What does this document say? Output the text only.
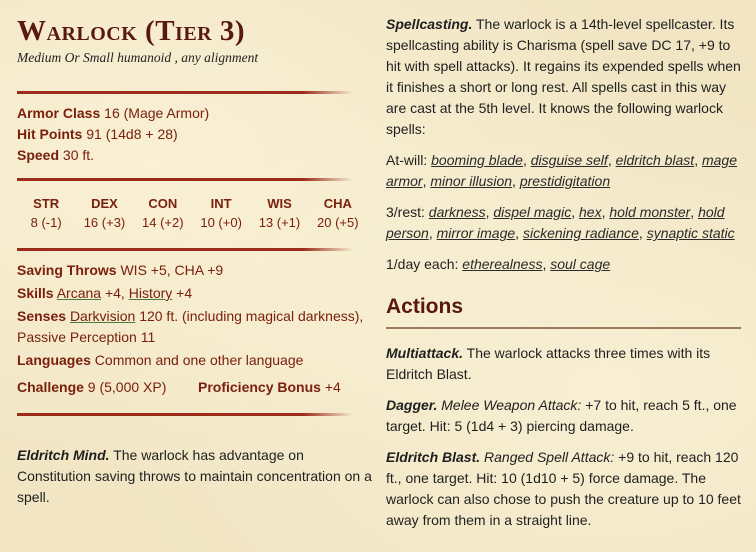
Warlock (Tier 3)
Medium Or Small humanoid , any alignment
Armor Class 16 (Mage Armor)
Hit Points 91 (14d8 + 28)
Speed 30 ft.
STR
8 (-1)
DEX
16 (+3)
CON
14 (+2)
INT
10 (+0)
WIS
13 (+1)
CHA
20 (+5)
Saving Throws WIS +5, CHA +9
Skills Arcana +4, History +4
Senses Darkvision 120 ft. (including magical darkness),
Passive Perception 11
Languages Common and one other language
Challenge 9 (5,000 XP) Proficiency Bonus +4
Eldritch Mind. The warlock has advantage on Constitution saving throws to maintain concentration on a spell.
Spellcasting. The warlock is a 14th-level spellcaster. Its spellcasting ability is Charisma (spell save DC 17, +9 to hit with spell attacks). It regains its expended spells when it finishes a short or long rest. All spells cast in this way are cast at the 5th level. It knows the following warlock spells:
At-will: booming blade, disguise self, eldritch blast, mage armor, minor illusion, prestidigitation
3/rest: darkness, dispel magic, hex, hold monster, hold person, mirror image, sickening radiance, synaptic static
1/day each: etherealness, soul cage
Actions
Multiattack. The warlock attacks three times with its Eldritch Blast.
Dagger. Melee Weapon Attack: +7 to hit, reach 5 ft., one target. Hit: 5 (1d4 + 3) piercing damage.
Eldritch Blast. Ranged Spell Attack: +9 to hit, reach 120 ft., one target. Hit: 10 (1d10 + 5) force damage. The warlock can also chose to push the creature up to 10 feet away from them in a straight line.
